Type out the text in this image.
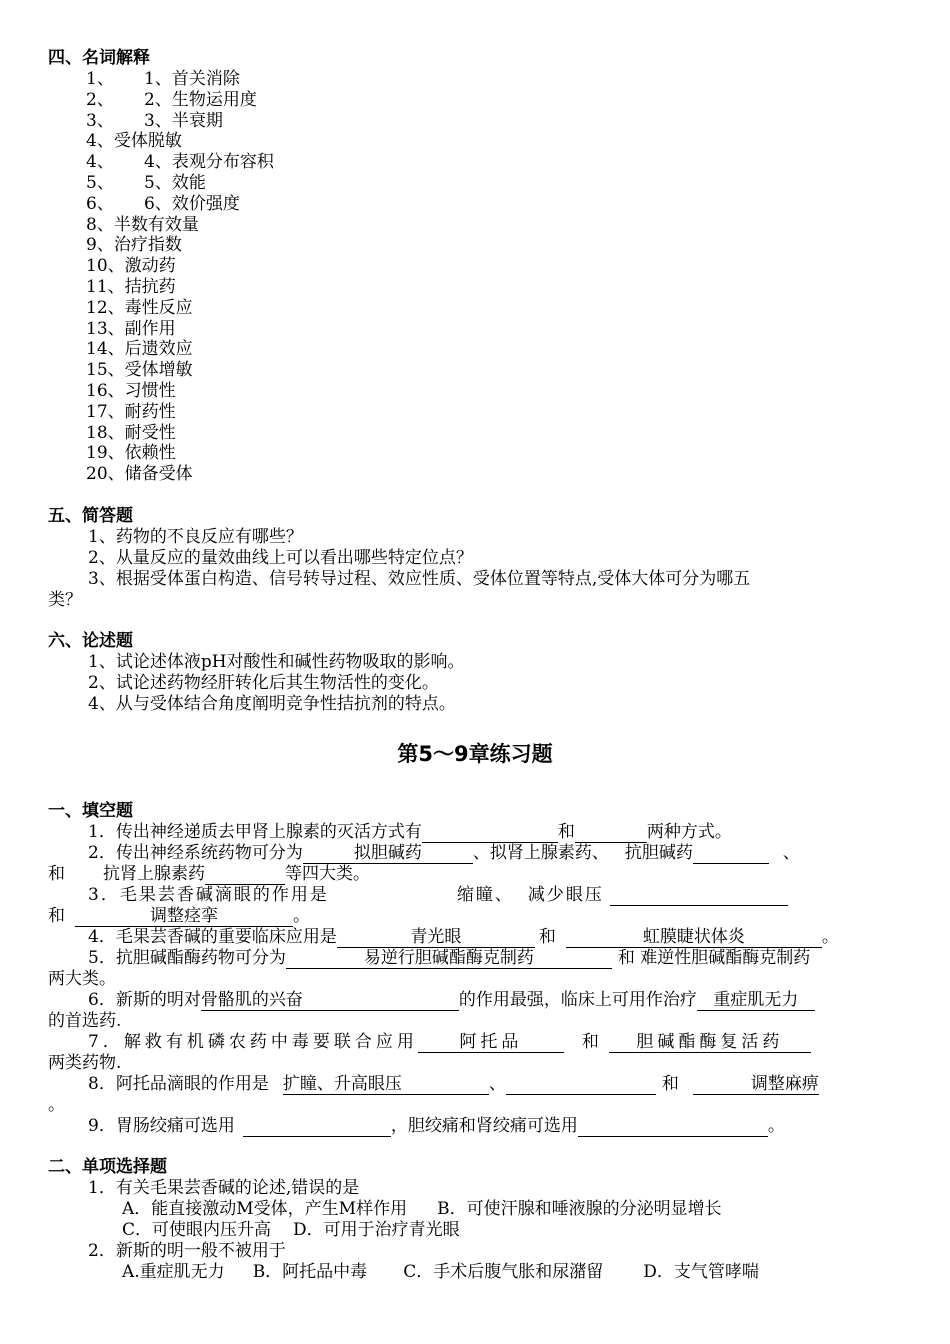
四、名词解释
1、 1、首关消除
2、 2、生物运用度
3、 3、半衰期
4、受体脱敏
4、 4、表观分布容积
5、 5、效能
6、 6、效价强度
8、半数有效量
9、治疗指数
10、激动药
11、拮抗药
12、毒性反应
13、副作用
14、后遗效应
15、受体增敏
16、习惯性
17、耐药性
18、耐受性
19、依赖性
20、储备受体
五、简答题
1、药物的不良反应有哪些？
2、从量反应的量效曲线上可以看出哪些特定位点？
3、根据受体蛋白构造、信号转导过程、效应性质、受体位置等特点,受体大体可分为哪五
类？
六、论述题
1、试论述体液pH对酸性和碱性药物吸取的影响。
2、试论述药物经肝转化后其生物活性的变化。
4、从与受体结合角度阐明竞争性拮抗剂的特点。
第5～9章练习题
一、填空题
1．传出神经递质去甲肾上腺素的灭活方式有	和	两种方式。
2．传出神经系统药物可分为	拟胆碱药	、拟肾上腺素药、 抗胆碱药	、
和 抗肾上腺素药	等四大类。
3．毛果芸香碱滴眼的作用是	缩瞳、 减少眼压
和	调整痉挛	。
4．毛果芸香碱的重要临床应用是	青光眼	和	虹膜睫状体炎	。
5．抗胆碱酯酶药物可分为	易逆行胆碱酯酶克制药	和 难逆性胆碱酯酶克制药
两大类。
6．新斯的明对骨骼肌的兴奋	的作用最强，临床上可用作治疗 重症肌无力
的首选药.
7．解救有机磷农药中毒要联合应用 阿托品	和 胆碱酯酶复活药
两类药物.
8．阿托品滴眼的作用是 扩瞳、升高眼压	、	和	调整麻痹
。
9．胃肠绞痛可选用	，胆绞痛和肾绞痛可选用	。
二、单项选择题
1．有关毛果芸香碱的论述,错误的是
A．能直接激动M受体，产生M样作用 B．可使汗腺和唾液腺的分泌明显增长
C．可使眼内压升高 D．可用于治疗青光眼
2．新斯的明一般不被用于
A.重症肌无力 B．阿托品中毒 C．手术后腹气胀和尿潴留 D．支气管哮喘
